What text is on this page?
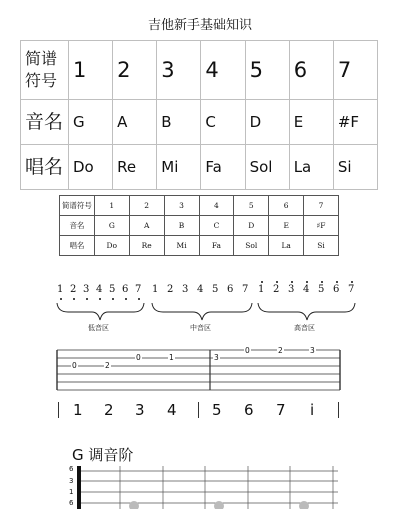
吉他新手基础知识
简谱
符号	1	2	3	4	5	6	7
音名	G	A	B	C	D	E	#F
唱名	Do	Re	Mi	Fa	Sol	La	Si
简谱符号	1	2	3	4	5	6	7
音名	G	A	B	C	D	E	♯F
唱名	Do	Re	Mi	Fa	Sol	La	Si
1 2 3 4 5 6 7 1 2 3 4 5 6 7 1 2 3 4 5 6 7
低音区	中音区	高音区
0	2
0	1	3
0	2	3
1 2 3 4 5 6 7 i
G 调音阶
6
3
1
6
